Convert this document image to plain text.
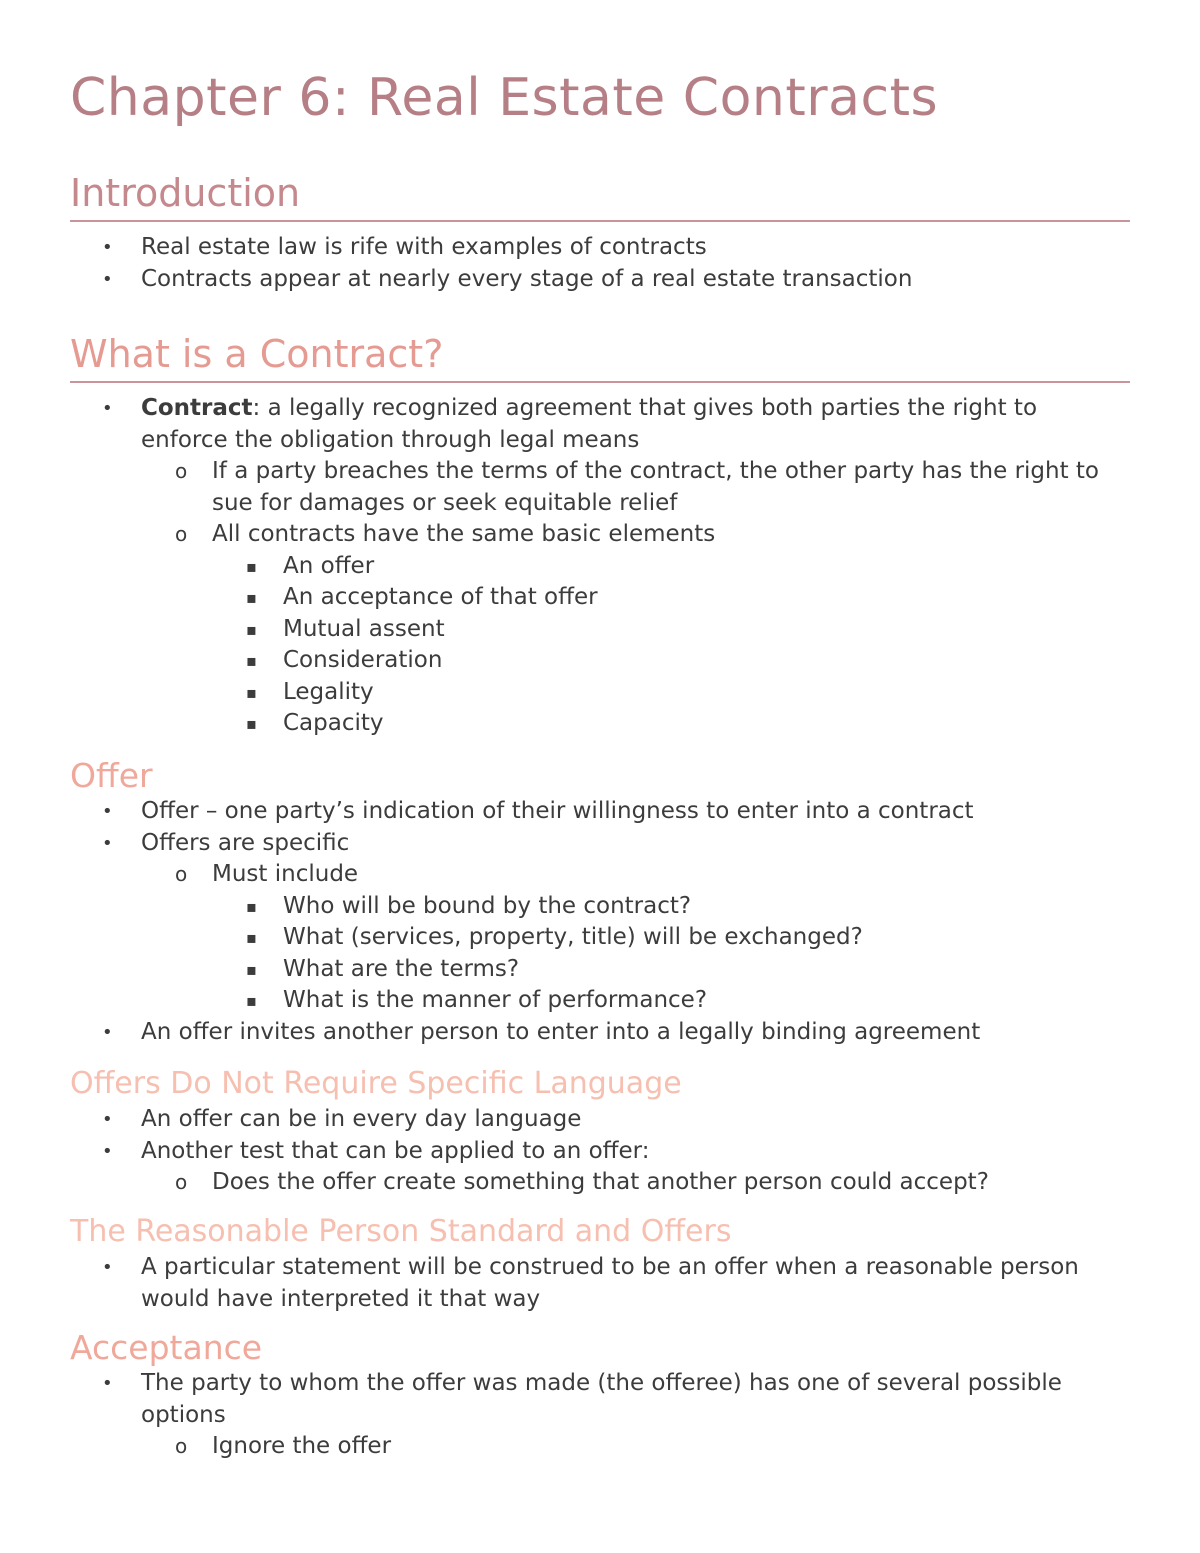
Chapter 6: Real Estate Contracts
Introduction
• Real estate law is rife with examples of contracts
• Contracts appear at nearly every stage of a real estate transaction
What is a Contract?
• Contract: a legally recognized agreement that gives both parties the right to enforce the obligation through legal means
o If a party breaches the terms of the contract, the other party has the right to sue for damages or seek equitable relief
o All contracts have the same basic elements
▪ An offer
▪ An acceptance of that offer
▪ Mutual assent
▪ Consideration
▪ Legality
▪ Capacity
Offer
• Offer – one party’s indication of their willingness to enter into a contract
• Offers are specific
o Must include
▪ Who will be bound by the contract?
▪ What (services, property, title) will be exchanged?
▪ What are the terms?
▪ What is the manner of performance?
• An offer invites another person to enter into a legally binding agreement
Offers Do Not Require Specific Language
• An offer can be in every day language
• Another test that can be applied to an offer:
o Does the offer create something that another person could accept?
The Reasonable Person Standard and Offers
• A particular statement will be construed to be an offer when a reasonable person would have interpreted it that way
Acceptance
• The party to whom the offer was made (the offeree) has one of several possible options
o Ignore the offer
